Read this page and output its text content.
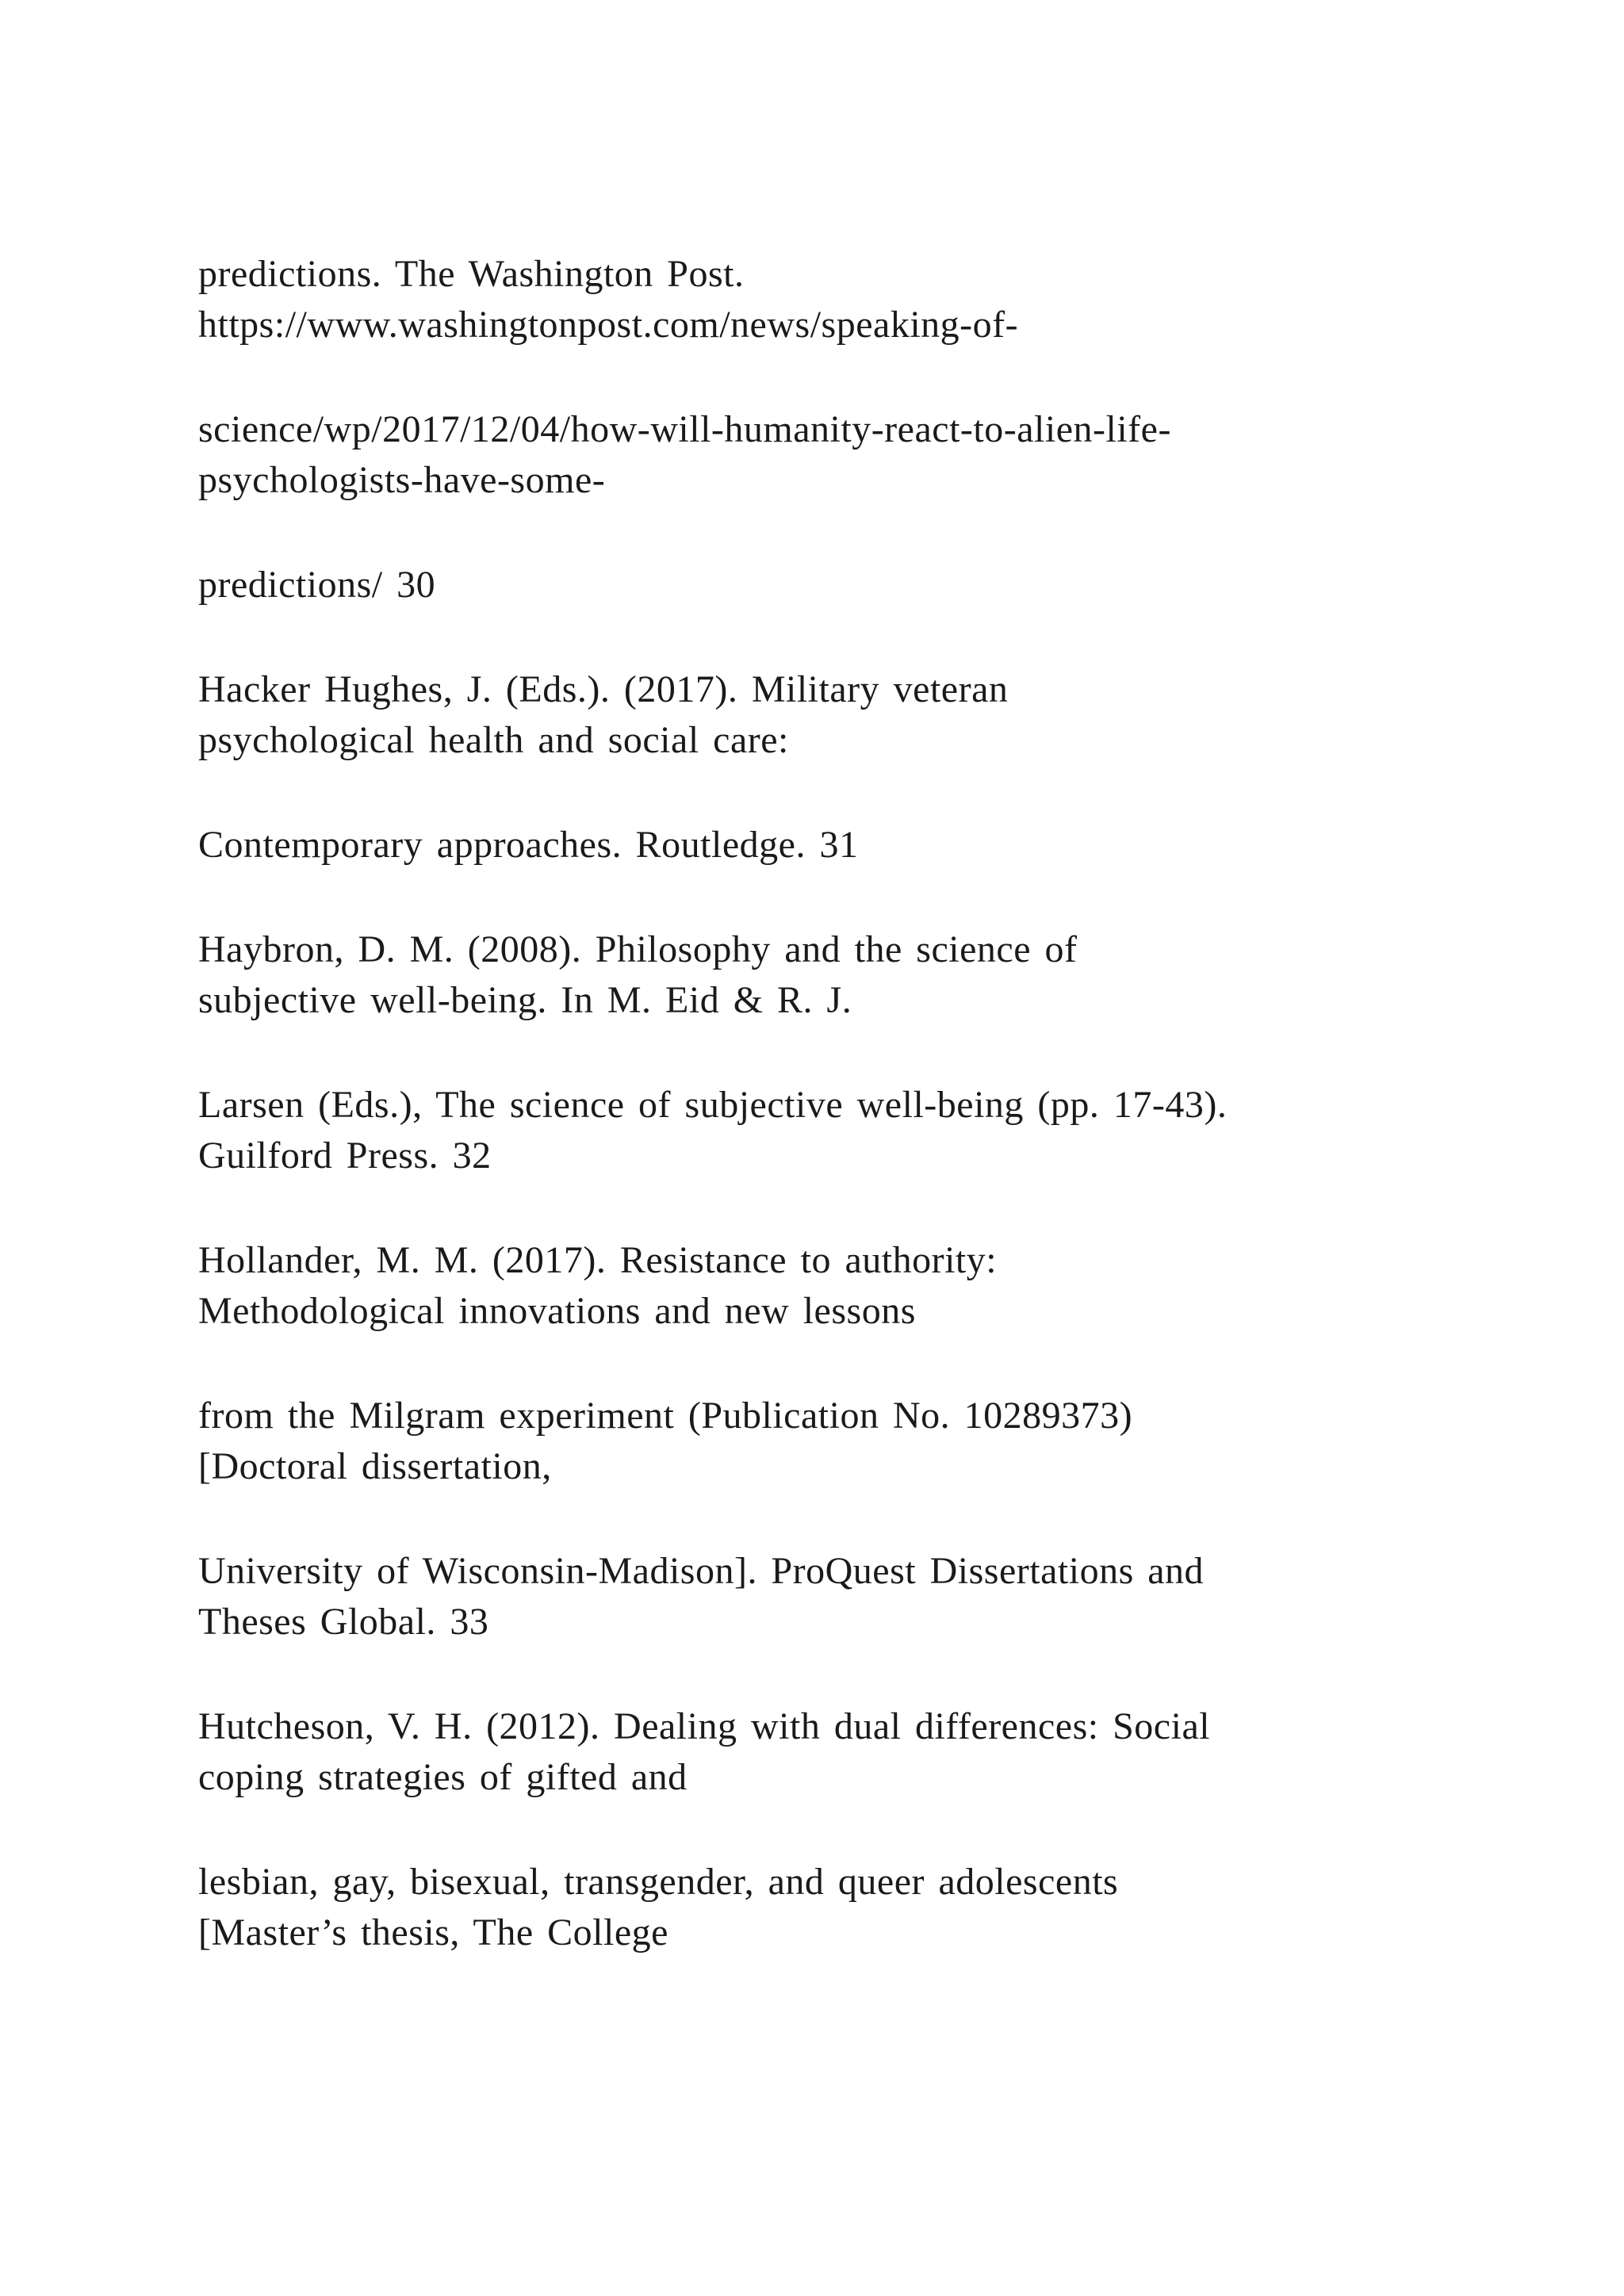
predictions. The Washington Post.

https://www.washingtonpost.com/news/speaking-of-

science/wp/2017/12/04/how-will-humanity-react-to-alien-life-

psychologists-have-some-

predictions/ 30

Hacker Hughes, J. (Eds.). (2017). Military veteran

psychological health and social care:

Contemporary approaches. Routledge. 31

Haybron, D. M. (2008). Philosophy and the science of

subjective well-being. In M. Eid & R. J.

Larsen (Eds.), The science of subjective well-being (pp. 17-43).

Guilford Press. 32

Hollander, M. M. (2017). Resistance to authority:

Methodological innovations and new lessons

from the Milgram experiment (Publication No. 10289373)

[Doctoral dissertation,

University of Wisconsin-Madison]. ProQuest Dissertations and

Theses Global. 33

Hutcheson, V. H. (2012). Dealing with dual differences: Social

coping strategies of gifted and

lesbian, gay, bisexual, transgender, and queer adolescents

[Master’s thesis, The College
